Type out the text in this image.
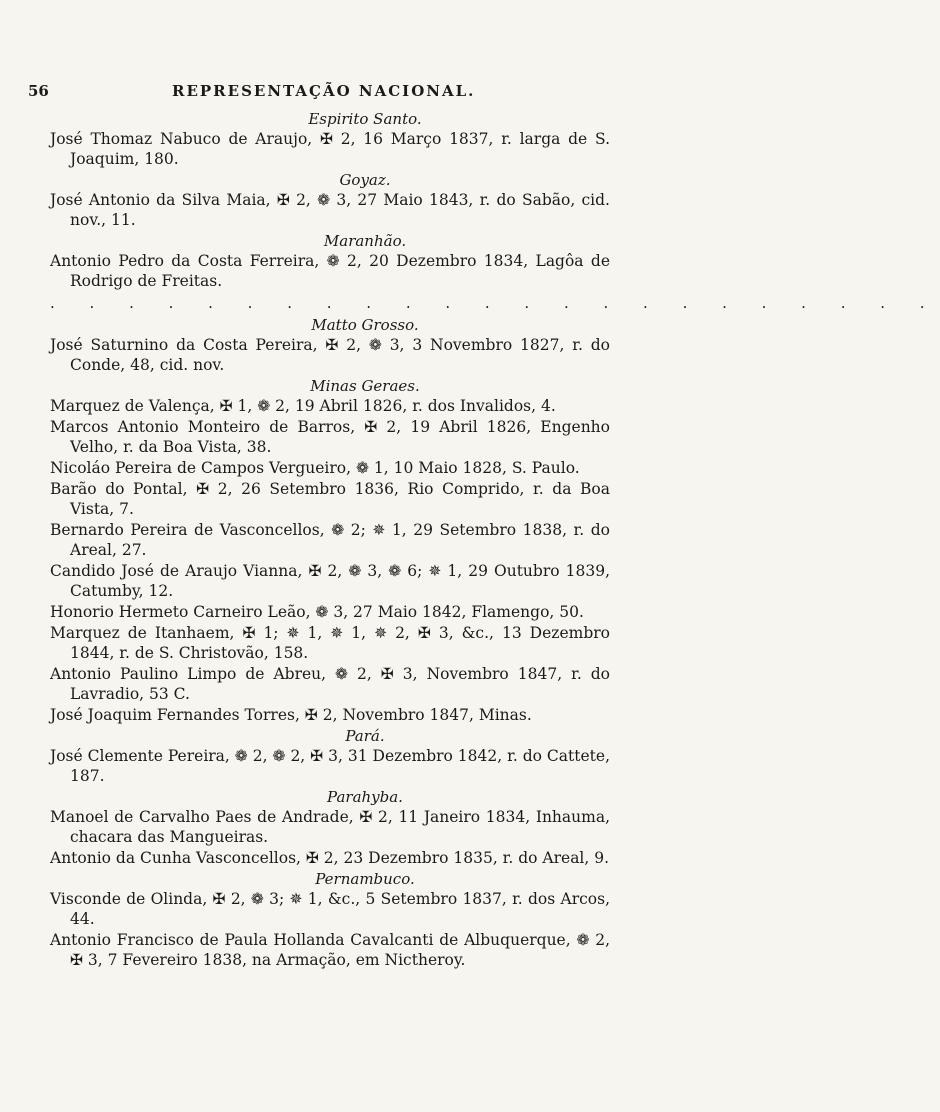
56	REPRESENTAÇÃO NACIONAL.
Espirito Santo.
José Thomaz Nabuco de Araujo, ✠ 2, 16 Março 1837, r. larga de S. Joaquim, 180.
Goyaz.
José Antonio da Silva Maia, ✠ 2, ❁ 3, 27 Maio 1843, r. do Sabão, cid. nov., 11.
Maranhão.
Antonio Pedro da Costa Ferreira, ❁ 2, 20 Dezembro 1834, Lagôa de Rodrigo de Freitas.
. . . . . . . . . . . . . . . . . . . . . . .
Matto Grosso.
José Saturnino da Costa Pereira, ✠ 2, ❁ 3, 3 Novembro 1827, r. do Conde, 48, cid. nov.
Minas Geraes.
Marquez de Valença, ✠ 1, ❁ 2, 19 Abril 1826, r. dos Invalidos, 4.
Marcos Antonio Monteiro de Barros, ✠ 2, 19 Abril 1826, Engenho Velho, r. da Boa Vista, 38.
Nicoláo Pereira de Campos Vergueiro, ❁ 1, 10 Maio 1828, S. Paulo.
Barão do Pontal, ✠ 2, 26 Setembro 1836, Rio Comprido, r. da Boa Vista, 7.
Bernardo Pereira de Vasconcellos, ❁ 2; ✵ 1, 29 Setembro 1838, r. do Areal, 27.
Candido José de Araujo Vianna, ✠ 2, ❁ 3, ❁ 6; ✵ 1, 29 Outubro 1839, Catumby, 12.
Honorio Hermeto Carneiro Leão, ❁ 3, 27 Maio 1842, Flamengo, 50.
Marquez de Itanhaem, ✠ 1; ✵ 1, ✵ 1, ✵ 2, ✠ 3, &c., 13 Dezembro 1844, r. de S. Christovão, 158.
Antonio Paulino Limpo de Abreu, ❁ 2, ✠ 3, Novembro 1847, r. do Lavradio, 53 C.
José Joaquim Fernandes Torres, ✠ 2, Novembro 1847, Minas.
Pará.
José Clemente Pereira, ❁ 2, ❁ 2, ✠ 3, 31 Dezembro 1842, r. do Cattete, 187.
Parahyba.
Manoel de Carvalho Paes de Andrade, ✠ 2, 11 Janeiro 1834, Inhauma, chacara das Mangueiras.
Antonio da Cunha Vasconcellos, ✠ 2, 23 Dezembro 1835, r. do Areal, 9.
Pernambuco.
Visconde de Olinda, ✠ 2, ❁ 3; ✵ 1, &c., 5 Setembro 1837, r. dos Arcos, 44.
Antonio Francisco de Paula Hollanda Cavalcanti de Albuquerque, ❁ 2, ✠ 3, 7 Fevereiro 1838, na Armação, em Nictheroy.
